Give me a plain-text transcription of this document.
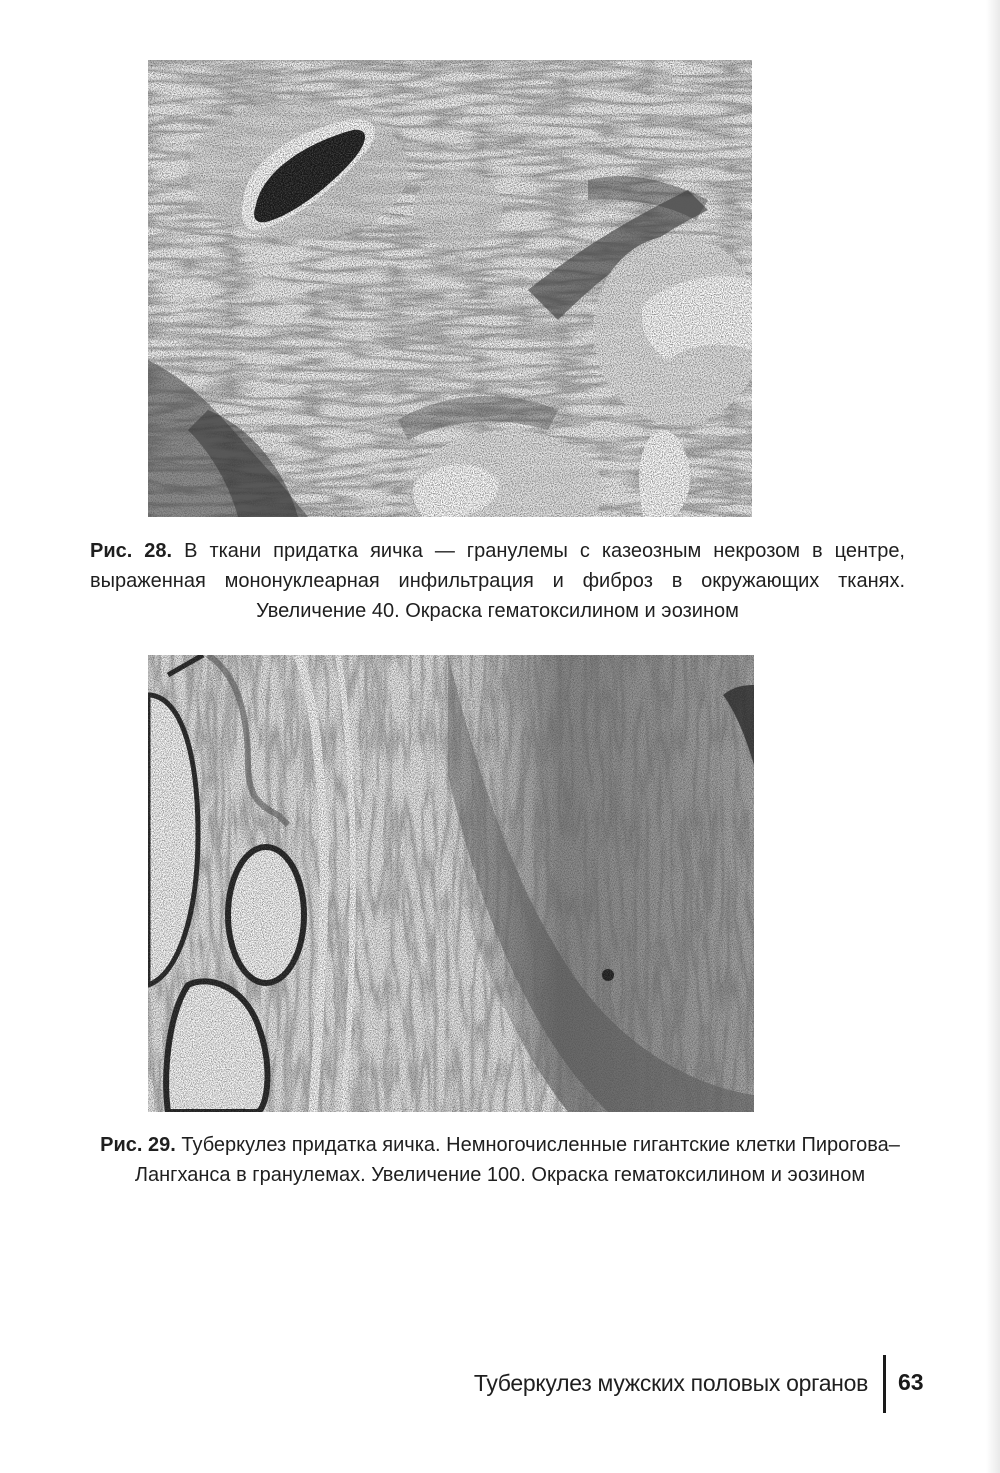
Рис. 28. В ткани придатка яичка — гранулемы с казеозным некрозом в центре, выраженная мононуклеарная инфильтрация и фиброз в окружающих тканях. Увеличение 40. Окраска гематоксилином и эозином
Рис. 29. Туберкулез придатка яичка. Немногочисленные гигантские клетки Пирогова–Лангханса в гранулемах. Увеличение 100. Окраска гематоксилином и эозином
Туберкулез мужских половых органов 63
